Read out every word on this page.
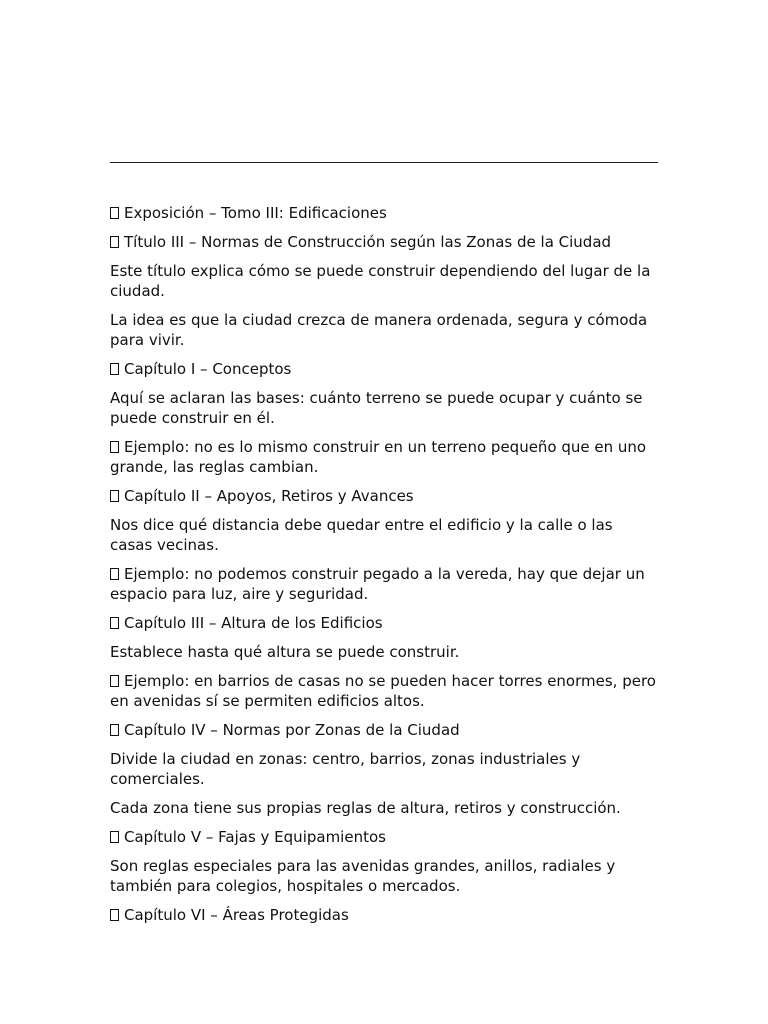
Exposición – Tomo III: Edificaciones

Título III – Normas de Construcción según las Zonas de la Ciudad

Este título explica cómo se puede construir dependiendo del lugar de la ciudad.

La idea es que la ciudad crezca de manera ordenada, segura y cómoda para vivir.

Capítulo I – Conceptos

Aquí se aclaran las bases: cuánto terreno se puede ocupar y cuánto se puede construir en él.

Ejemplo: no es lo mismo construir en un terreno pequeño que en uno grande, las reglas cambian.

Capítulo II – Apoyos, Retiros y Avances

Nos dice qué distancia debe quedar entre el edificio y la calle o las casas vecinas.

Ejemplo: no podemos construir pegado a la vereda, hay que dejar un espacio para luz, aire y seguridad.

Capítulo III – Altura de los Edificios

Establece hasta qué altura se puede construir.

Ejemplo: en barrios de casas no se pueden hacer torres enormes, pero en avenidas sí se permiten edificios altos.

Capítulo IV – Normas por Zonas de la Ciudad

Divide la ciudad en zonas: centro, barrios, zonas industriales y comerciales.

Cada zona tiene sus propias reglas de altura, retiros y construcción.

Capítulo V – Fajas y Equipamientos

Son reglas especiales para las avenidas grandes, anillos, radiales y también para colegios, hospitales o mercados.

Capítulo VI – Áreas Protegidas
